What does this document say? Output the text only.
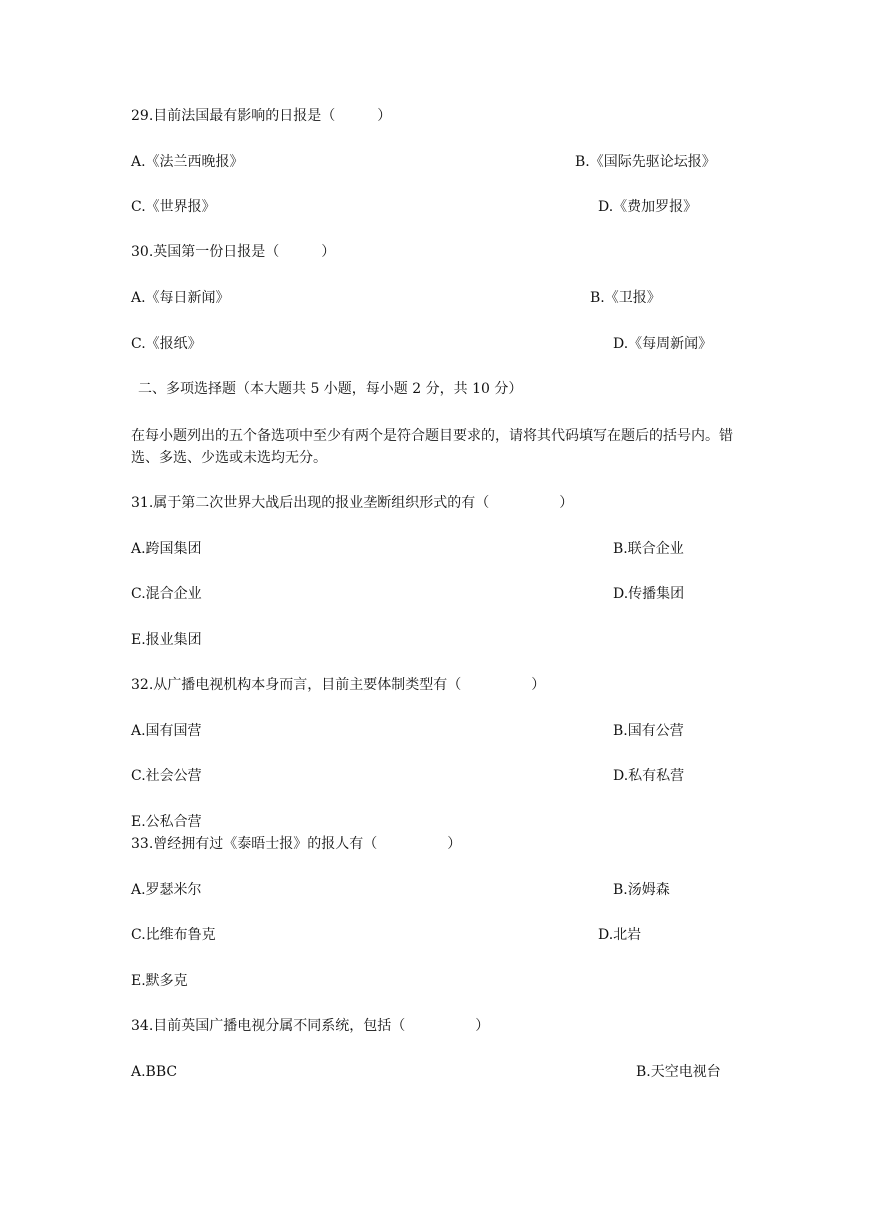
29.目前法国最有影响的日报是（　　　）
A.《法兰西晚报》	B.《国际先驱论坛报》
C.《世界报》	D.《费加罗报》
30.英国第一份日报是（　　　）
A.《每日新闻》	B.《卫报》
C.《报纸》	D.《每周新闻》
二、多项选择题（本大题共 5 小题，每小题 2 分，共 10 分）
在每小题列出的五个备选项中至少有两个是符合题目要求的，请将其代码填写在题后的括号内。错选、多选、少选或未选均无分。
31.属于第二次世界大战后出现的报业垄断组织形式的有（　　　　　）
A.跨国集团	B.联合企业
C.混合企业	D.传播集团
E.报业集团
32.从广播电视机构本身而言，目前主要体制类型有（　　　　　）
A.国有国营	B.国有公营
C.社会公营	D.私有私营
E.公私合营
33.曾经拥有过《泰晤士报》的报人有（　　　　　）
A.罗瑟米尔	B.汤姆森
C.比维布鲁克	D.北岩
E.默多克
34.目前英国广播电视分属不同系统，包括（　　　　　）
A.BBC	B.天空电视台
